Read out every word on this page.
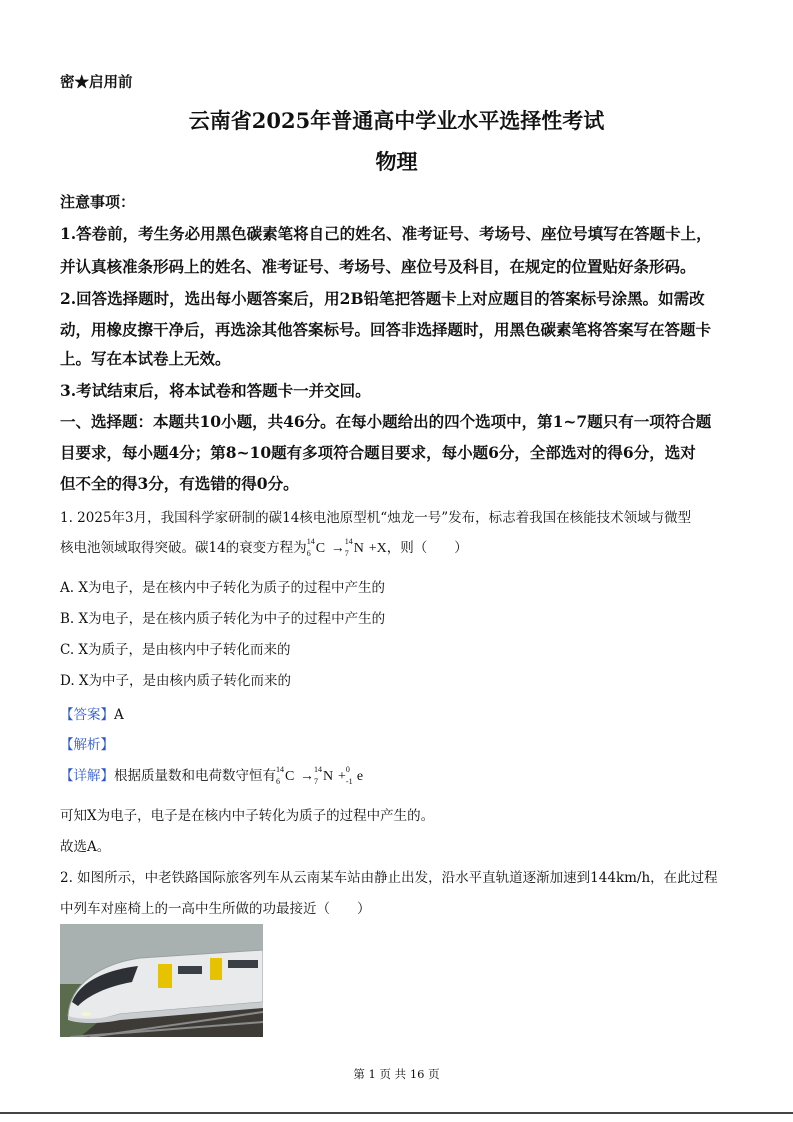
密★启用前
云南省2025年普通高中学业水平选择性考试
物理
注意事项：
1.答卷前，考生务必用黑色碳素笔将自己的姓名、准考证号、考场号、座位号填写在答题卡上，
并认真核准条形码上的姓名、准考证号、考场号、座位号及科目，在规定的位置贴好条形码。
2.回答选择题时，选出每小题答案后，用2B铅笔把答题卡上对应题目的答案标号涂黑。如需改
动，用橡皮擦干净后，再选涂其他答案标号。回答非选择题时，用黑色碳素笔将答案写在答题卡
上。写在本试卷上无效。
3.考试结束后，将本试卷和答题卡一并交回。
一、选择题：本题共10小题，共46分。在每小题给出的四个选项中，第1~7题只有一项符合题
目要求，每小题4分；第8~10题有多项符合题目要求，每小题6分，全部选对的得6分，选对
但不全的得3分，有选错的得0分。
1. 2025年3月，我国科学家研制的碳14核电池原型机“烛龙一号”发布，标志着我国在核能技术领域与微型
核电池领域取得突破。碳14的衰变方程为 14
6 C → 14
7 N +X，则（　　）
A. X为电子，是在核内中子转化为质子的过程中产生的
B. X为电子，是在核内质子转化为中子的过程中产生的
C. X为质子，是由核内中子转化而来的
D. X为中子，是由核内质子转化而来的
【答案】A
【解析】
【详解】根据质量数和电荷数守恒有 14
6 C → 14
7 N + 0
-1 e
可知X为电子，电子是在核内中子转化为质子的过程中产生的。
故选A。
2. 如图所示，中老铁路国际旅客列车从云南某车站由静止出发，沿水平直轨道逐渐加速到144km/h，在此过程
中列车对座椅上的一高中生所做的功最接近（　　）
第 1 页 共 16 页
